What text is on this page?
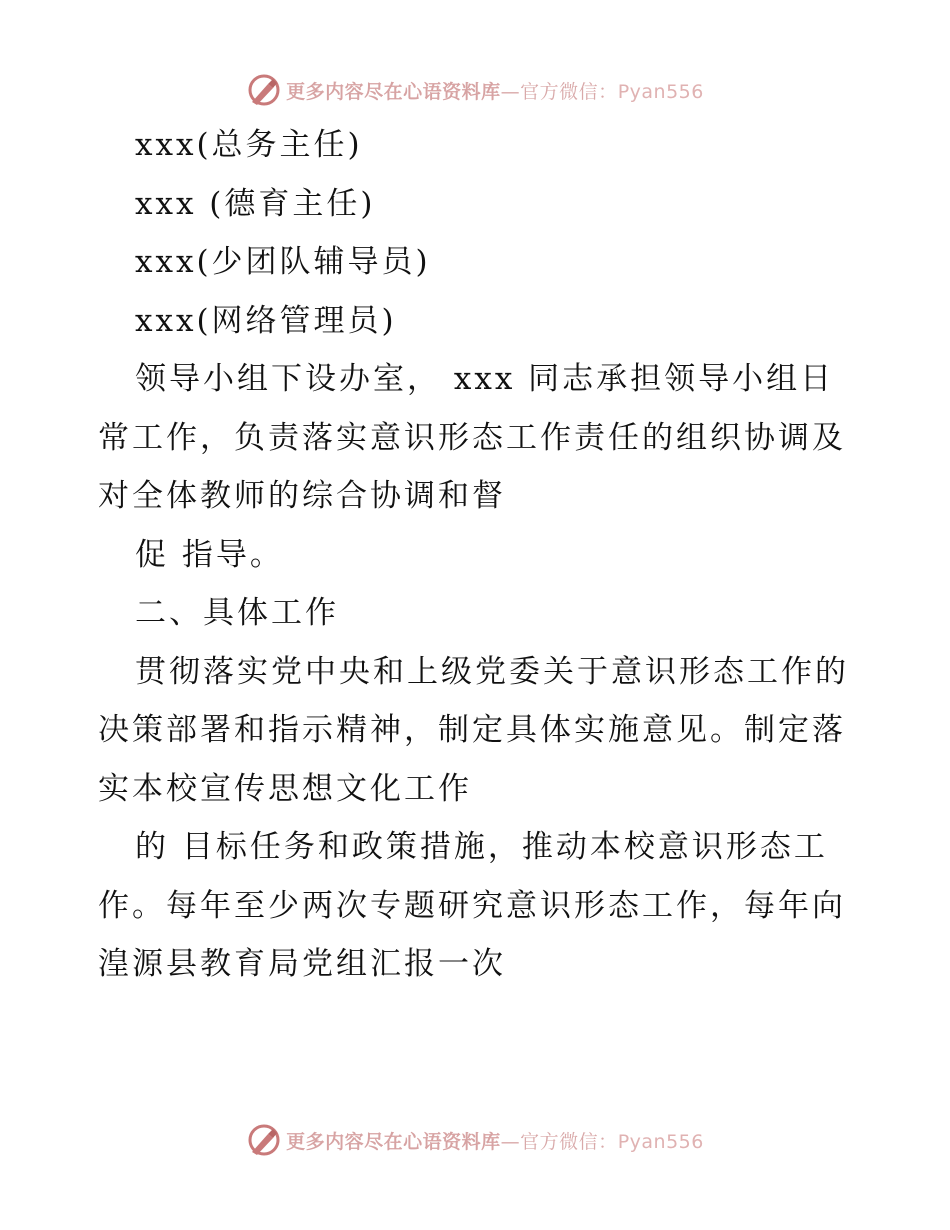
更多内容尽在心语资料库—官方微信：Pyan556
xxx(总务主任)
xxx (德育主任)
xxx(少团队辅导员)
xxx(网络管理员)
领导小组下设办室， xxx 同志承担领导小组日
常工作，负责落实意识形态工作责任的组织协调及
对全体教师的综合协调和督
促 指导。
二、具体工作
贯彻落实党中央和上级党委关于意识形态工作的
决策部署和指示精神，制定具体实施意见。制定落
实本校宣传思想文化工作
的 目标任务和政策措施，推动本校意识形态工
作。每年至少两次专题研究意识形态工作，每年向
湟源县教育局党组汇报一次
更多内容尽在心语资料库—官方微信：Pyan556
